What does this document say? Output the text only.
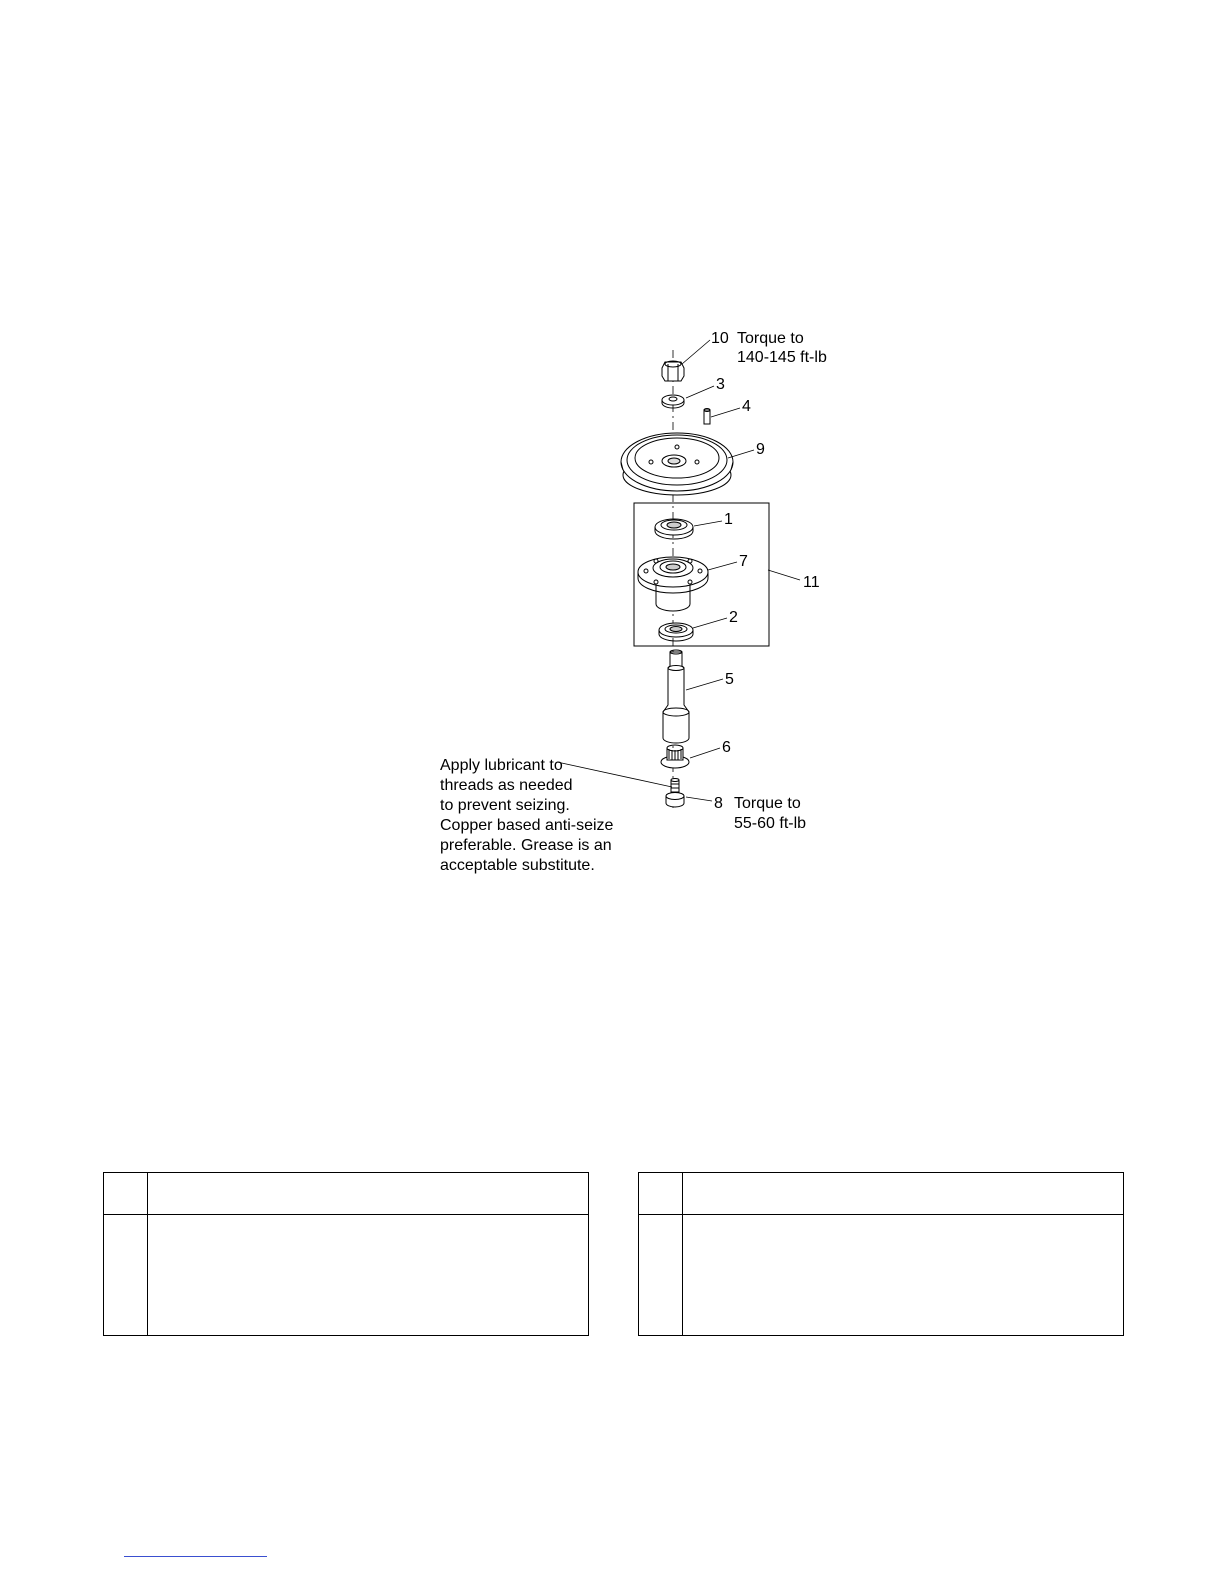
10
3
4
9
1
7
11
2
5
6
8
Torque to
140-145 ft-lb
Torque to
55-60 ft-lb
Apply lubricant to
threads as needed
to prevent seizing.
Copper based anti-seize
preferable. Grease is an
acceptable substitute.
